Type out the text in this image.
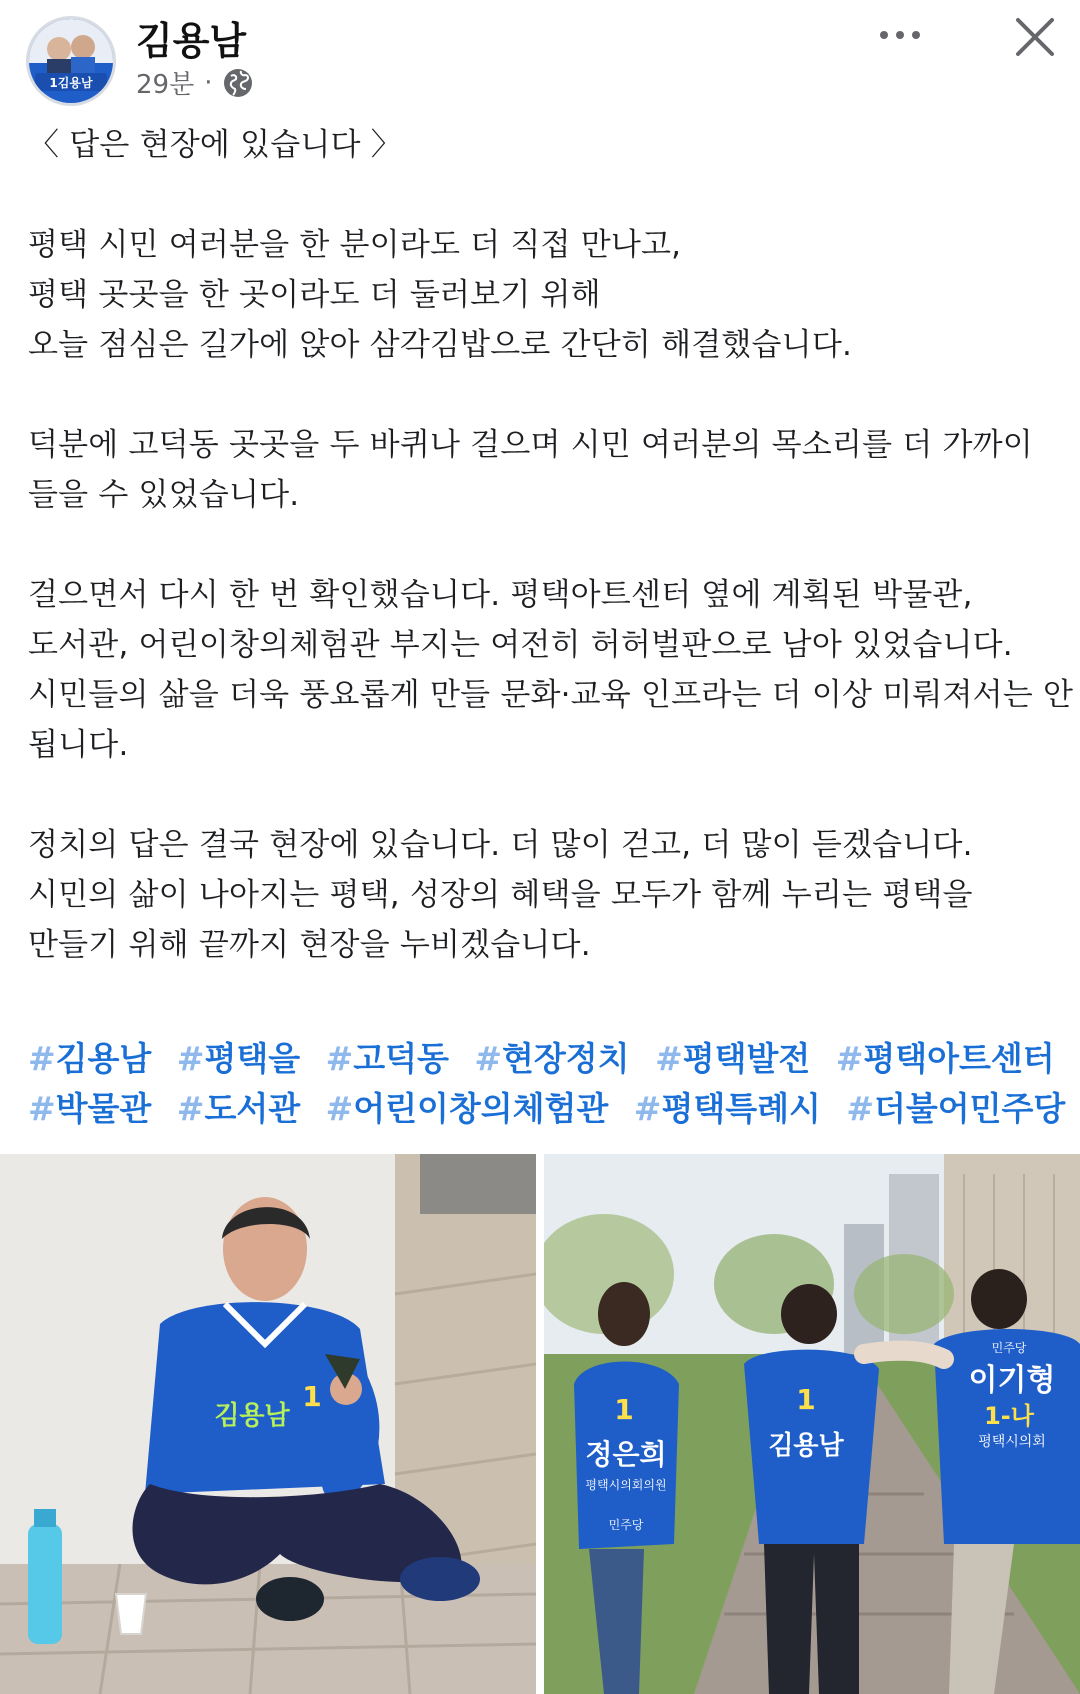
1김용남
김용남
29분 ·
〈 답은 현장에 있습니다 〉
평택 시민 여러분을 한 분이라도 더 직접 만나고,
평택 곳곳을 한 곳이라도 더 둘러보기 위해
오늘 점심은 길가에 앉아 삼각김밥으로 간단히 해결했습니다.
덕분에 고덕동 곳곳을 두 바퀴나 걸으며 시민 여러분의 목소리를 더 가까이
들을 수 있었습니다.
걸으면서 다시 한 번 확인했습니다. 평택아트센터 옆에 계획된 박물관,
도서관, 어린이창의체험관 부지는 여전히 허허벌판으로 남아 있었습니다.
시민들의 삶을 더욱 풍요롭게 만들 문화·교육 인프라는 더 이상 미뤄져서는 안
됩니다.
정치의 답은 결국 현장에 있습니다. 더 많이 걷고, 더 많이 듣겠습니다.
시민의 삶이 나아지는 평택, 성장의 혜택을 모두가 함께 누리는 평택을
만들기 위해 끝까지 현장을 누비겠습니다.
#김용남 #평택을 #고덕동 #현장정치 #평택발전 #평택아트센터
#박물관 #도서관 #어린이창의체험관 #평택특례시 #더불어민주당
김용남
1	1
정은희
평택시의회의원
민주당
1
김용남
민주당
이기형
1-나
평택시의회
